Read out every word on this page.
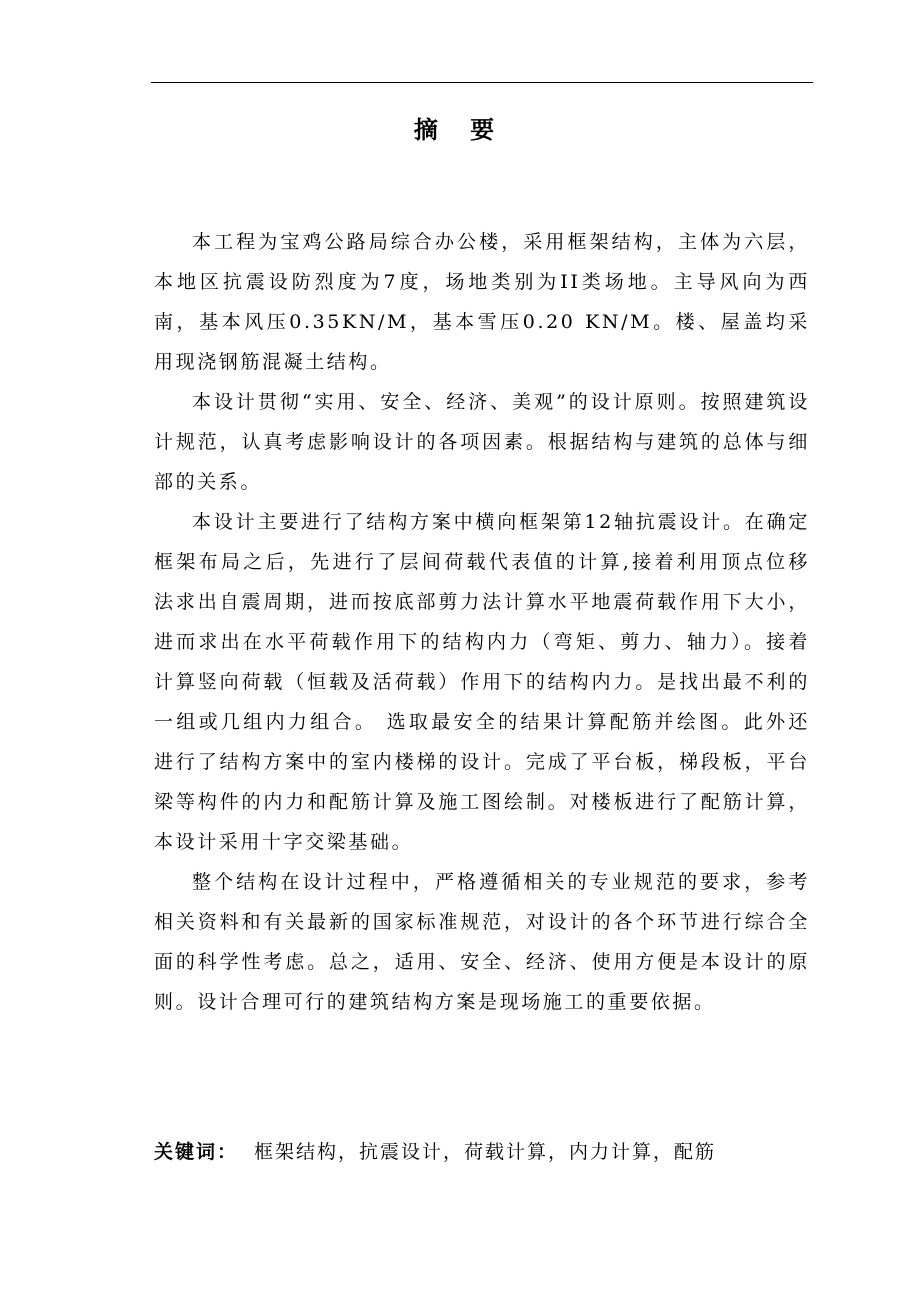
摘 要

本工程为宝鸡公路局综合办公楼，采用框架结构，主体为六层，本地区抗震设防烈度为7度，场地类别为II类场地。主导风向为西南，基本风压0.35KN/M，基本雪压0.20 KN/M。楼、屋盖均采用现浇钢筋混凝土结构。

本设计贯彻“实用、安全、经济、美观”的设计原则。按照建筑设计规范，认真考虑影响设计的各项因素。根据结构与建筑的总体与细部的关系。

本设计主要进行了结构方案中横向框架第12轴抗震设计。在确定框架布局之后，先进行了层间荷载代表值的计算,接着利用顶点位移法求出自震周期，进而按底部剪力法计算水平地震荷载作用下大小，进而求出在水平荷载作用下的结构内力（弯矩、剪力、轴力）。接着计算竖向荷载（恒载及活荷载）作用下的结构内力。是找出最不利的一组或几组内力组合。 选取最安全的结果计算配筋并绘图。此外还进行了结构方案中的室内楼梯的设计。完成了平台板，梯段板，平台梁等构件的内力和配筋计算及施工图绘制。对楼板进行了配筋计算，本设计采用十字交梁基础。

整个结构在设计过程中，严格遵循相关的专业规范的要求，参考相关资料和有关最新的国家标准规范，对设计的各个环节进行综合全面的科学性考虑。总之，适用、安全、经济、使用方便是本设计的原则。设计合理可行的建筑结构方案是现场施工的重要依据。

关键词： 框架结构，抗震设计，荷载计算，内力计算，配筋
